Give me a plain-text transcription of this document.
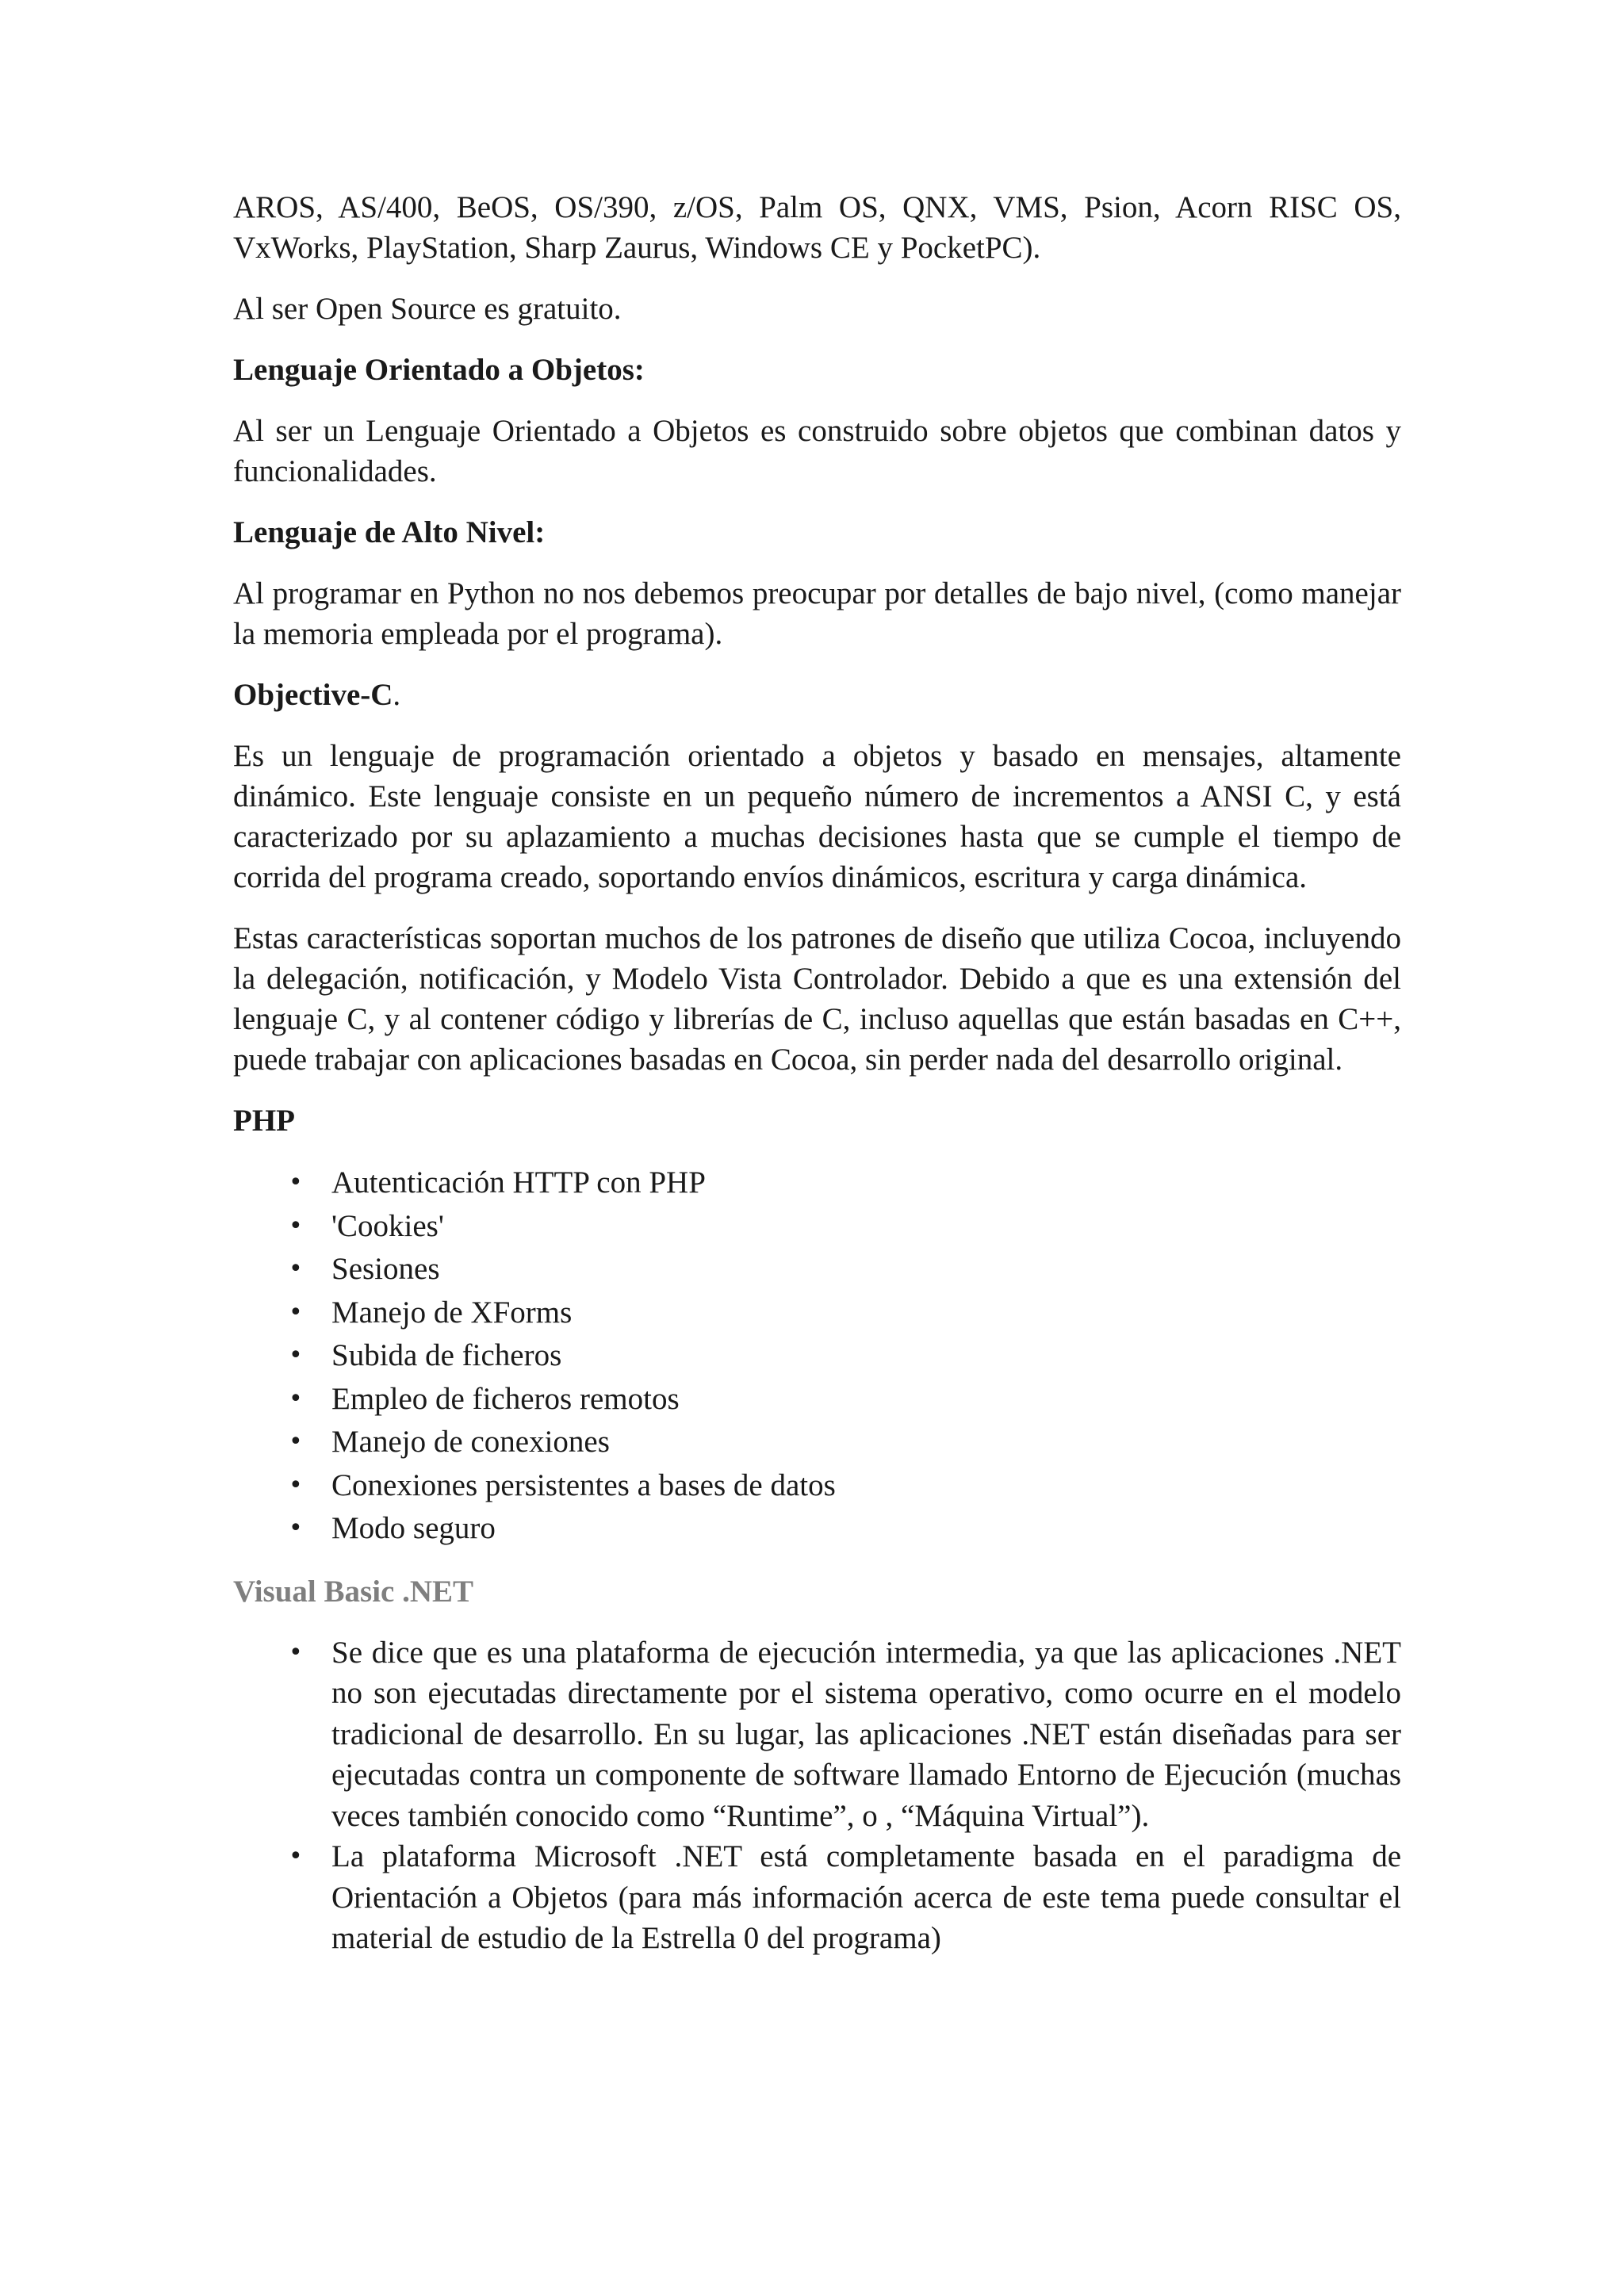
AROS, AS/400, BeOS, OS/390, z/OS, Palm OS, QNX, VMS, Psion, Acorn RISC OS, VxWorks, PlayStation, Sharp Zaurus, Windows CE y PocketPC).

Al ser Open Source es gratuito.

Lenguaje Orientado a Objetos:

Al ser un Lenguaje Orientado a Objetos es construido sobre objetos que combinan datos y funcionalidades.

Lenguaje de Alto Nivel:

Al programar en Python no nos debemos preocupar por detalles de bajo nivel, (como manejar la memoria empleada por el programa).

Objective-C.

Es un lenguaje de programación orientado a objetos y basado en mensajes, altamente dinámico. Este lenguaje consiste en un pequeño número de incrementos a ANSI C, y está caracterizado por su aplazamiento a muchas decisiones hasta que se cumple el tiempo de corrida del programa creado, soportando envíos dinámicos, escritura y carga dinámica.

Estas características soportan muchos de los patrones de diseño que utiliza Cocoa, incluyendo la delegación, notificación, y Modelo Vista Controlador. Debido a que es una extensión del lenguaje C, y al contener código y librerías de C, incluso aquellas que están basadas en C++, puede trabajar con aplicaciones basadas en Cocoa, sin perder nada del desarrollo original.

PHP

• Autenticación HTTP con PHP
• 'Cookies'
• Sesiones
• Manejo de XForms
• Subida de ficheros
• Empleo de ficheros remotos
• Manejo de conexiones
• Conexiones persistentes a bases de datos
• Modo seguro

Visual Basic .NET

• Se dice que es una plataforma de ejecución intermedia, ya que las aplicaciones .NET no son ejecutadas directamente por el sistema operativo, como ocurre en el modelo tradicional de desarrollo. En su lugar, las aplicaciones .NET están diseñadas para ser ejecutadas contra un componente de software llamado Entorno de Ejecución (muchas veces también conocido como “Runtime”, o , “Máquina Virtual”).
• La plataforma Microsoft .NET está completamente basada en el paradigma de Orientación a Objetos (para más información acerca de este tema puede consultar el material de estudio de la Estrella 0 del programa)
